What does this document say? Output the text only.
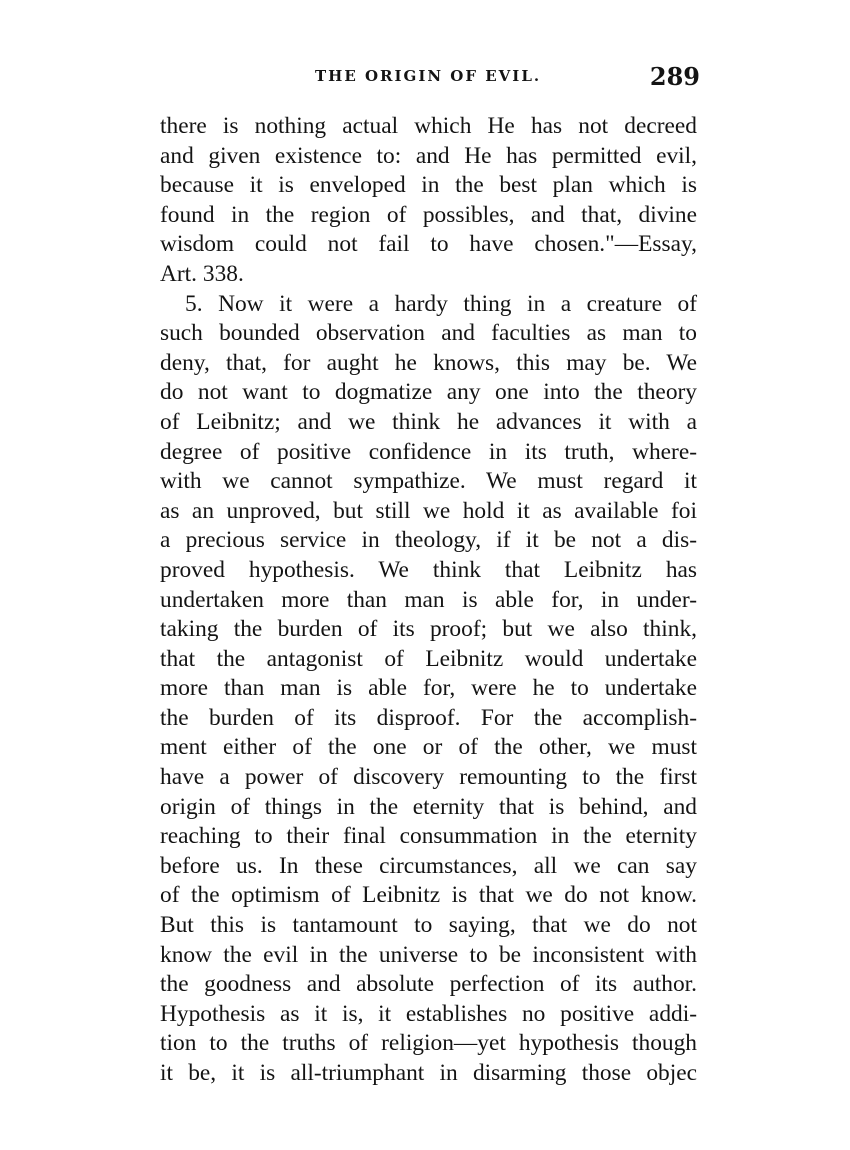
THE ORIGIN OF EVIL.	289
there is nothing actual which He has not decreed
and given existence to: and He has permitted evil,
because it is enveloped in the best plan which is
found in the region of possibles, and that, divine
wisdom could not fail to have chosen."—Essay,
Art. 338.
5. Now it were a hardy thing in a creature of
such bounded observation and faculties as man to
deny, that, for aught he knows, this may be. We
do not want to dogmatize any one into the theory
of Leibnitz; and we think he advances it with a
degree of positive confidence in its truth, where-
with we cannot sympathize. We must regard it
as an unproved, but still we hold it as available foi
a precious service in theology, if it be not a dis-
proved hypothesis. We think that Leibnitz has
undertaken more than man is able for, in under-
taking the burden of its proof; but we also think,
that the antagonist of Leibnitz would undertake
more than man is able for, were he to undertake
the burden of its disproof. For the accomplish-
ment either of the one or of the other, we must
have a power of discovery remounting to the first
origin of things in the eternity that is behind, and
reaching to their final consummation in the eternity
before us. In these circumstances, all we can say
of the optimism of Leibnitz is that we do not know.
But this is tantamount to saying, that we do not
know the evil in the universe to be inconsistent with
the goodness and absolute perfection of its author.
Hypothesis as it is, it establishes no positive addi-
tion to the truths of religion—yet hypothesis though
it be, it is all-triumphant in disarming those objec
